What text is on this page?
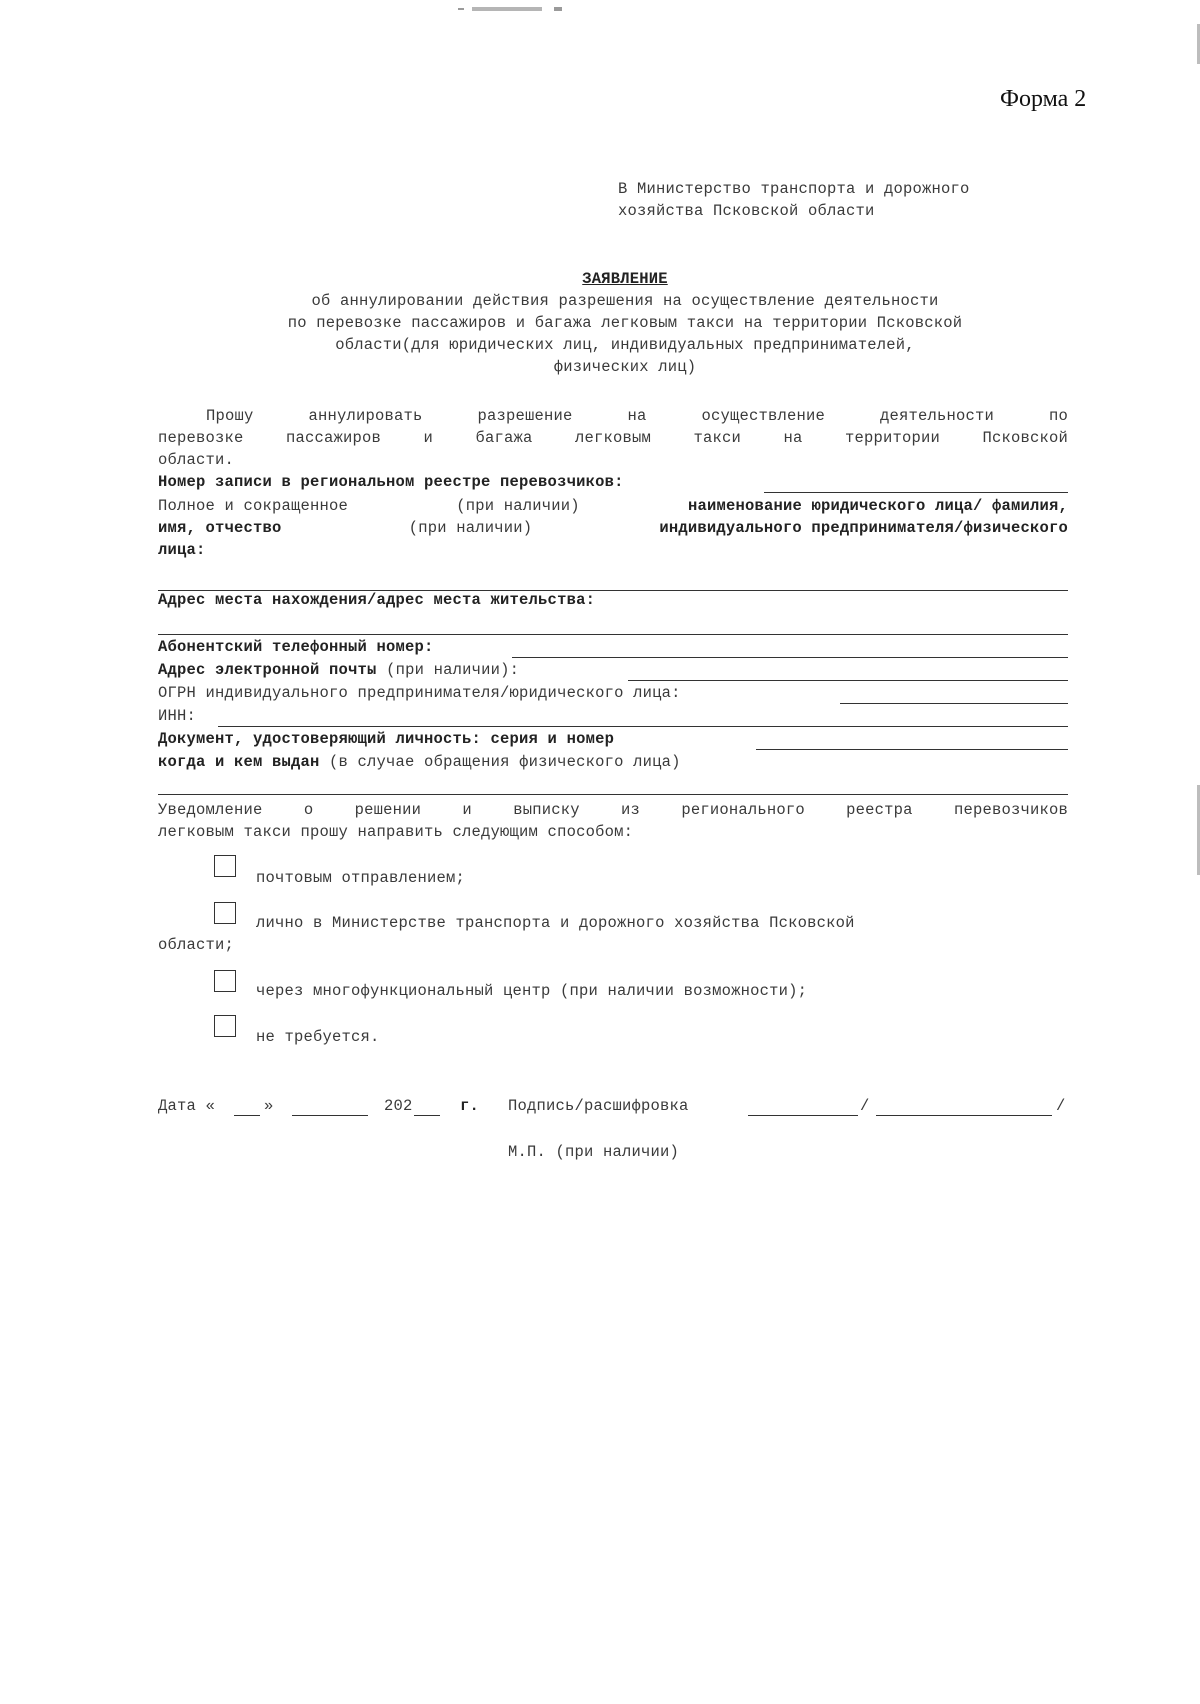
Форма 2
В Министерство транспорта и дорожного
хозяйства Псковской области
ЗАЯВЛЕНИЕ
об аннулировании действия разрешения на осуществление деятельности
по перевозке пассажиров и багажа легковым такси на территории Псковской
области(для юридических лиц, индивидуальных предпринимателей,
физических лиц)
Прошу аннулировать разрешение на осуществление деятельности по
перевозке пассажиров и багажа легковым такси на территории Псковской
области.
Номер записи в региональном реестре перевозчиков:
Полное и сокращенное	(при наличии)	наименование юридического лица/ фамилия,
имя, отчество	(при наличии)	индивидуального предпринимателя/физического
лица:
Адрес места нахождения/адрес места жительства:
Абонентский телефонный номер:
Адрес электронной почты (при наличии):
ОГРН индивидуального предпринимателя/юридического лица:
ИНН:
Документ, удостоверяющий личность: серия и номер
когда и кем выдан (в случае обращения физического лица)
Уведомление о решении и выписку из регионального реестра перевозчиков
легковым такси прошу направить следующим способом:
почтовым отправлением;
лично в Министерстве транспорта и дорожного хозяйства Псковской
области;
через многофункциональный центр (при наличии возможности);
не требуется.
Дата «	»	202	г. Подпись/расшифровка	/	/
М.П. (при наличии)
